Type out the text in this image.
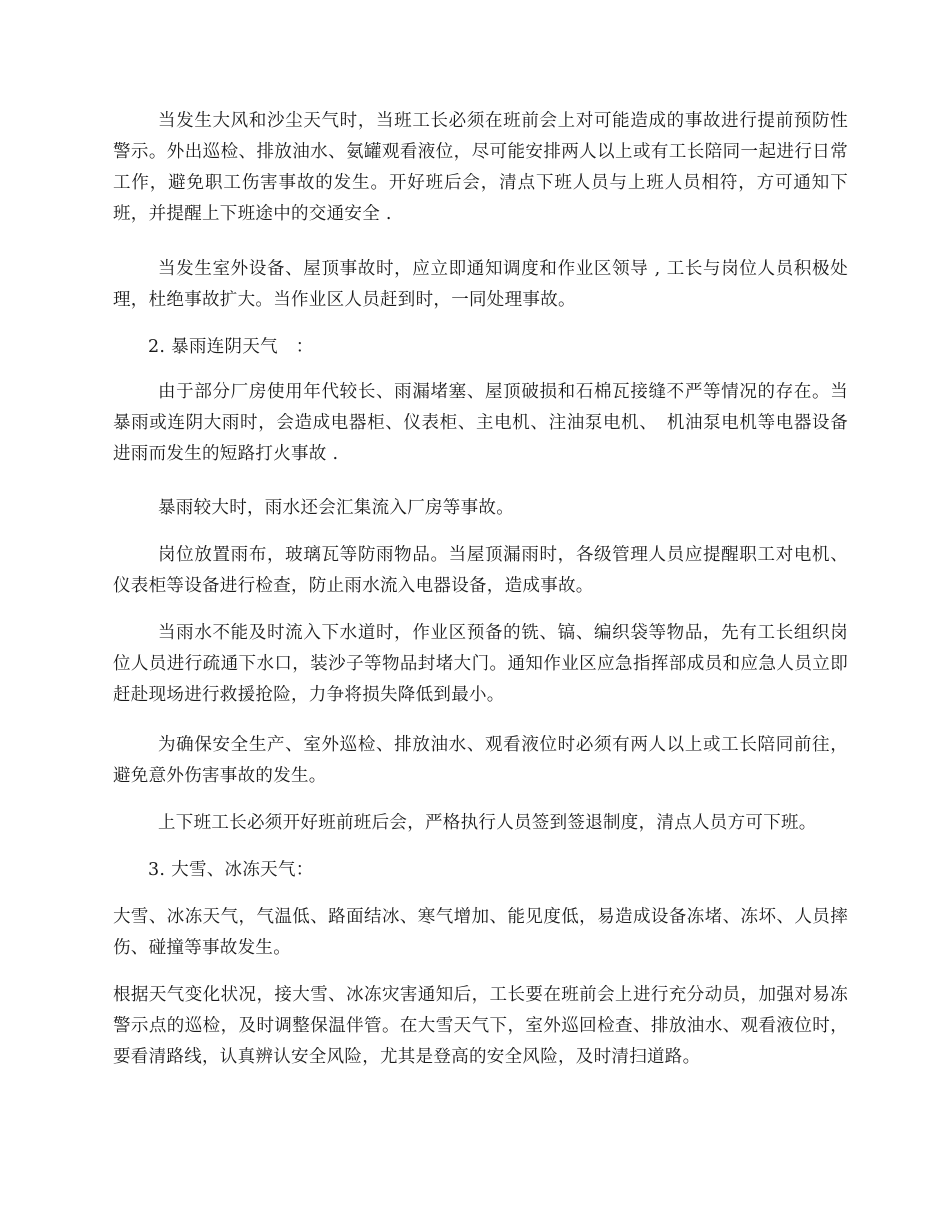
当发生大风和沙尘天气时，当班工长必须在班前会上对可能造成的事故进行提前预防性警示。外出巡检、排放油水、氨罐观看液位，尽可能安排两人以上或有工长陪同一起进行日常工作，避免职工伤害事故的发生。开好班后会，清点下班人员与上班人员相符，方可通知下班，并提醒上下班途中的交通安全 .

当发生室外设备、屋顶事故时，应立即通知调度和作业区领导 , 工长与岗位人员积极处理，杜绝事故扩大。当作业区人员赶到时，一同处理事故。

2. 暴雨连阴天气　：

由于部分厂房使用年代较长、雨漏堵塞、屋顶破损和石棉瓦接缝不严等情况的存在。当暴雨或连阴大雨时，会造成电器柜、仪表柜、主电机、注油泵电机、　机油泵电机等电器设备进雨而发生的短路打火事故 .

暴雨较大时，雨水还会汇集流入厂房等事故。

岗位放置雨布，玻璃瓦等防雨物品。当屋顶漏雨时，各级管理人员应提醒职工对电机、仪表柜等设备进行检查，防止雨水流入电器设备，造成事故。

当雨水不能及时流入下水道时，作业区预备的铣、镐、编织袋等物品，先有工长组织岗位人员进行疏通下水口，装沙子等物品封堵大门。通知作业区应急指挥部成员和应急人员立即赶赴现场进行救援抢险，力争将损失降低到最小。

为确保安全生产、室外巡检、排放油水、观看液位时必须有两人以上或工长陪同前往，避免意外伤害事故的发生。

上下班工长必须开好班前班后会，严格执行人员签到签退制度，清点人员方可下班。

3. 大雪、冰冻天气：

大雪、冰冻天气，气温低、路面结冰、寒气增加、能见度低，易造成设备冻堵、冻坏、人员摔伤、碰撞等事故发生。

根据天气变化状况，接大雪、冰冻灾害通知后，工长要在班前会上进行充分动员，加强对易冻警示点的巡检，及时调整保温伴管。在大雪天气下，室外巡回检查、排放油水、观看液位时，要看清路线，认真辨认安全风险，尤其是登高的安全风险，及时清扫道路。
